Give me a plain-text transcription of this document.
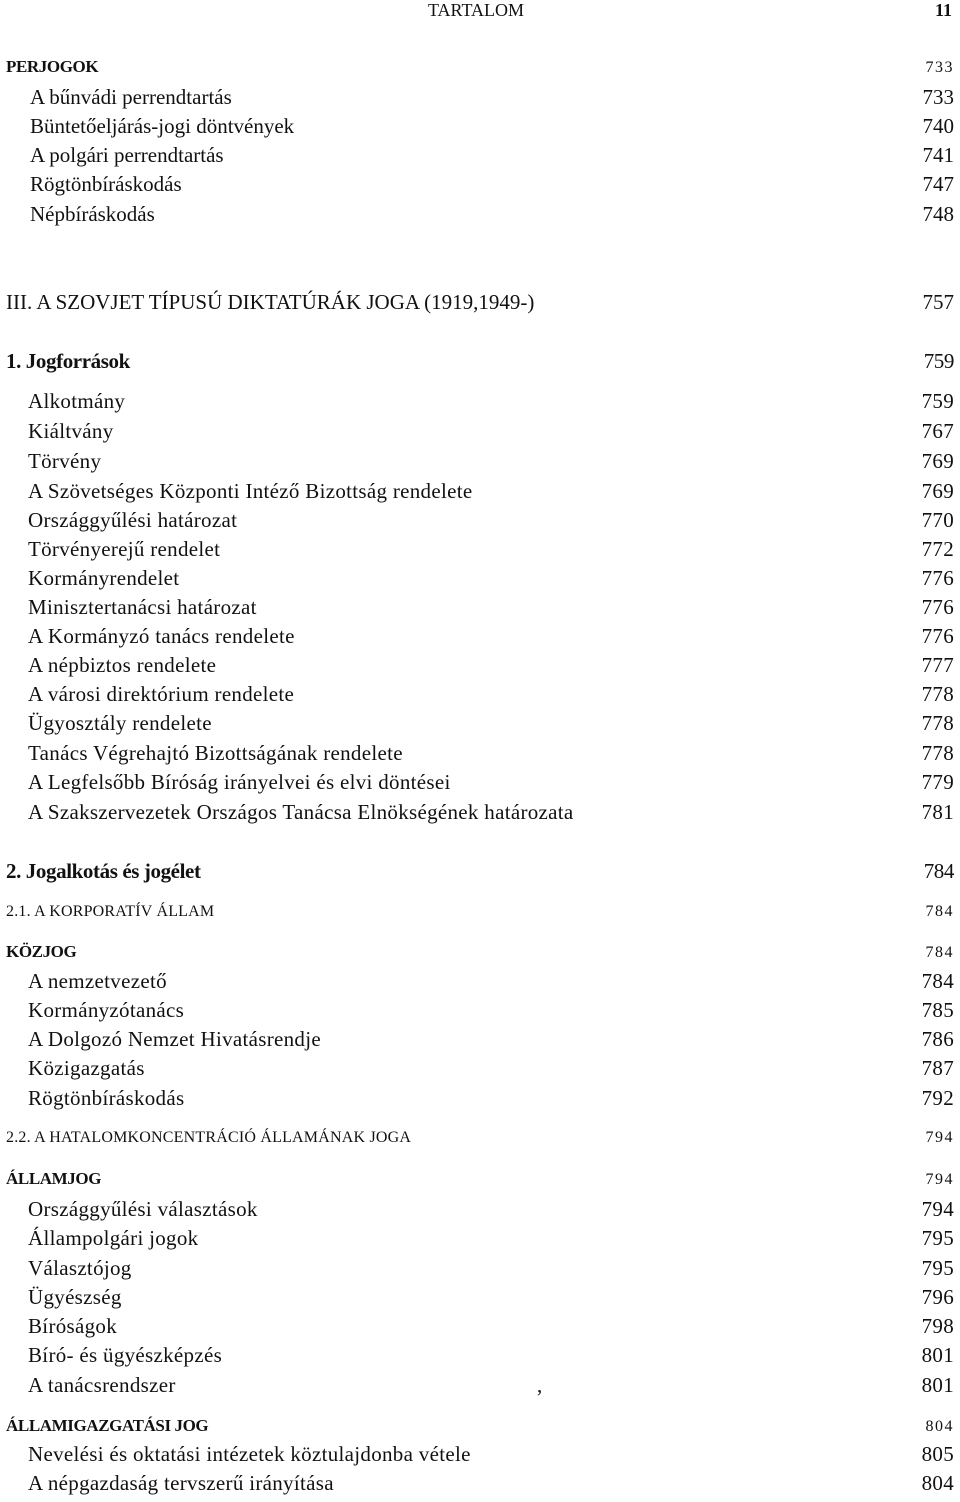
TARTALOM	11
PERJOGOK	733
A bűnvádi perrendtartás	733
Büntetőeljárás-jogi döntvények	740
A polgári perrendtartás	741
Rögtönbíráskodás	747
Népbíráskodás	748
III. A SZOVJET TÍPUSÚ DIKTATÚRÁK JOGA (1919,1949-)	757
1. Jogforrások	759
Alkotmány	759
Kiáltvány	767
Törvény	769
A Szövetséges Központi Intéző Bizottság rendelete	769
Országgyűlési határozat	770
Törvényerejű rendelet	772
Kormányrendelet	776
Minisztertanácsi határozat	776
A Kormányzó tanács rendelete	776
A népbiztos rendelete	777
A városi direktórium rendelete	778
Ügyosztály rendelete	778
Tanács Végrehajtó Bizottságának rendelete	778
A Legfelsőbb Bíróság irányelvei és elvi döntései	779
A Szakszervezetek Országos Tanácsa Elnökségének határozata	781
2. Jogalkotás és jogélet	784
2.1. A KORPORATÍV ÁLLAM	784
KÖZJOG	784
A nemzetvezető	784
Kormányzótanács	785
A Dolgozó Nemzet Hivatásrendje	786
Közigazgatás	787
Rögtönbíráskodás	792
2.2. A HATALOMKONCENTRÁCIÓ ÁLLAMÁNAK JOGA	794
ÁLLAMJOG	794
Országgyűlési választások	794
Állampolgári jogok	795
Választójog	795
Ügyészség	796
Bíróságok	798
Bíró- és ügyészképzés	801
A tanácsrendszer	801
,
ÁLLAMIGAZGATÁSI JOG	804
Nevelési és oktatási intézetek köztulajdonba vétele	805
A népgazdaság tervszerű irányítása	804
